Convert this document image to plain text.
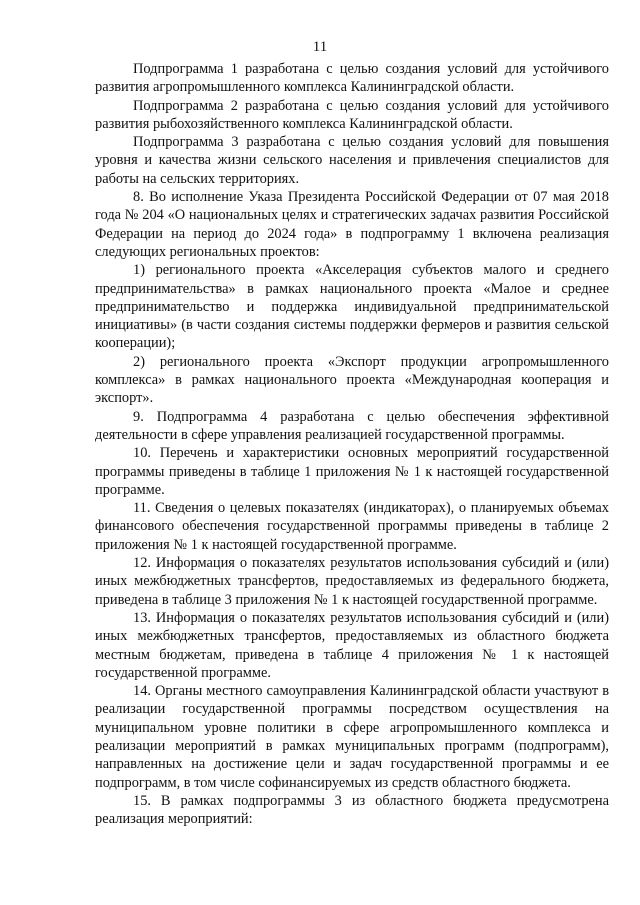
11

Подпрограмма 1 разработана с целью создания условий для устойчивого развития агропромышленного комплекса Калининградской области.

Подпрограмма 2 разработана с целью создания условий для устойчивого развития рыбохозяйственного комплекса Калининградской области.

Подпрограмма 3 разработана с целью создания условий для повышения уровня и качества жизни сельского населения и привлечения специалистов для работы на сельских территориях.

8. Во исполнение Указа Президента Российской Федерации от 07 мая 2018 года № 204 «О национальных целях и стратегических задачах развития Российской Федерации на период до 2024 года» в подпрограмму 1 включена реализация следующих региональных проектов:

1) регионального проекта «Акселерация субъектов малого и среднего предпринимательства» в рамках национального проекта «Малое и среднее предпринимательство и поддержка индивидуальной предпринимательской инициативы» (в части создания системы поддержки фермеров и развития сельской кооперации);

2) регионального проекта «Экспорт продукции агропромышленного комплекса» в рамках национального проекта «Международная кооперация и экспорт».

9. Подпрограмма 4 разработана с целью обеспечения эффективной деятельности в сфере управления реализацией государственной программы.

10. Перечень и характеристики основных мероприятий государственной программы приведены в таблице 1 приложения № 1 к настоящей государственной программе.

11. Сведения о целевых показателях (индикаторах), о планируемых объемах финансового обеспечения государственной программы приведены в таблице 2 приложения № 1 к настоящей государственной программе.

12. Информация о показателях результатов использования субсидий и (или) иных межбюджетных трансфертов, предоставляемых из федерального бюджета, приведена в таблице 3 приложения № 1 к настоящей государственной программе.

13. Информация о показателях результатов использования субсидий и (или) иных межбюджетных трансфертов, предоставляемых из областного бюджета местным бюджетам, приведена в таблице 4 приложения № 1 к настоящей государственной программе.

14. Органы местного самоуправления Калининградской области участвуют в реализации государственной программы посредством осуществления на муниципальном уровне политики в сфере агропромышленного комплекса и реализации мероприятий в рамках муниципальных программ (подпрограмм), направленных на достижение цели и задач государственной программы и ее подпрограмм, в том числе софинансируемых из средств областного бюджета.

15. В рамках подпрограммы 3 из областного бюджета предусмотрена реализация мероприятий:
